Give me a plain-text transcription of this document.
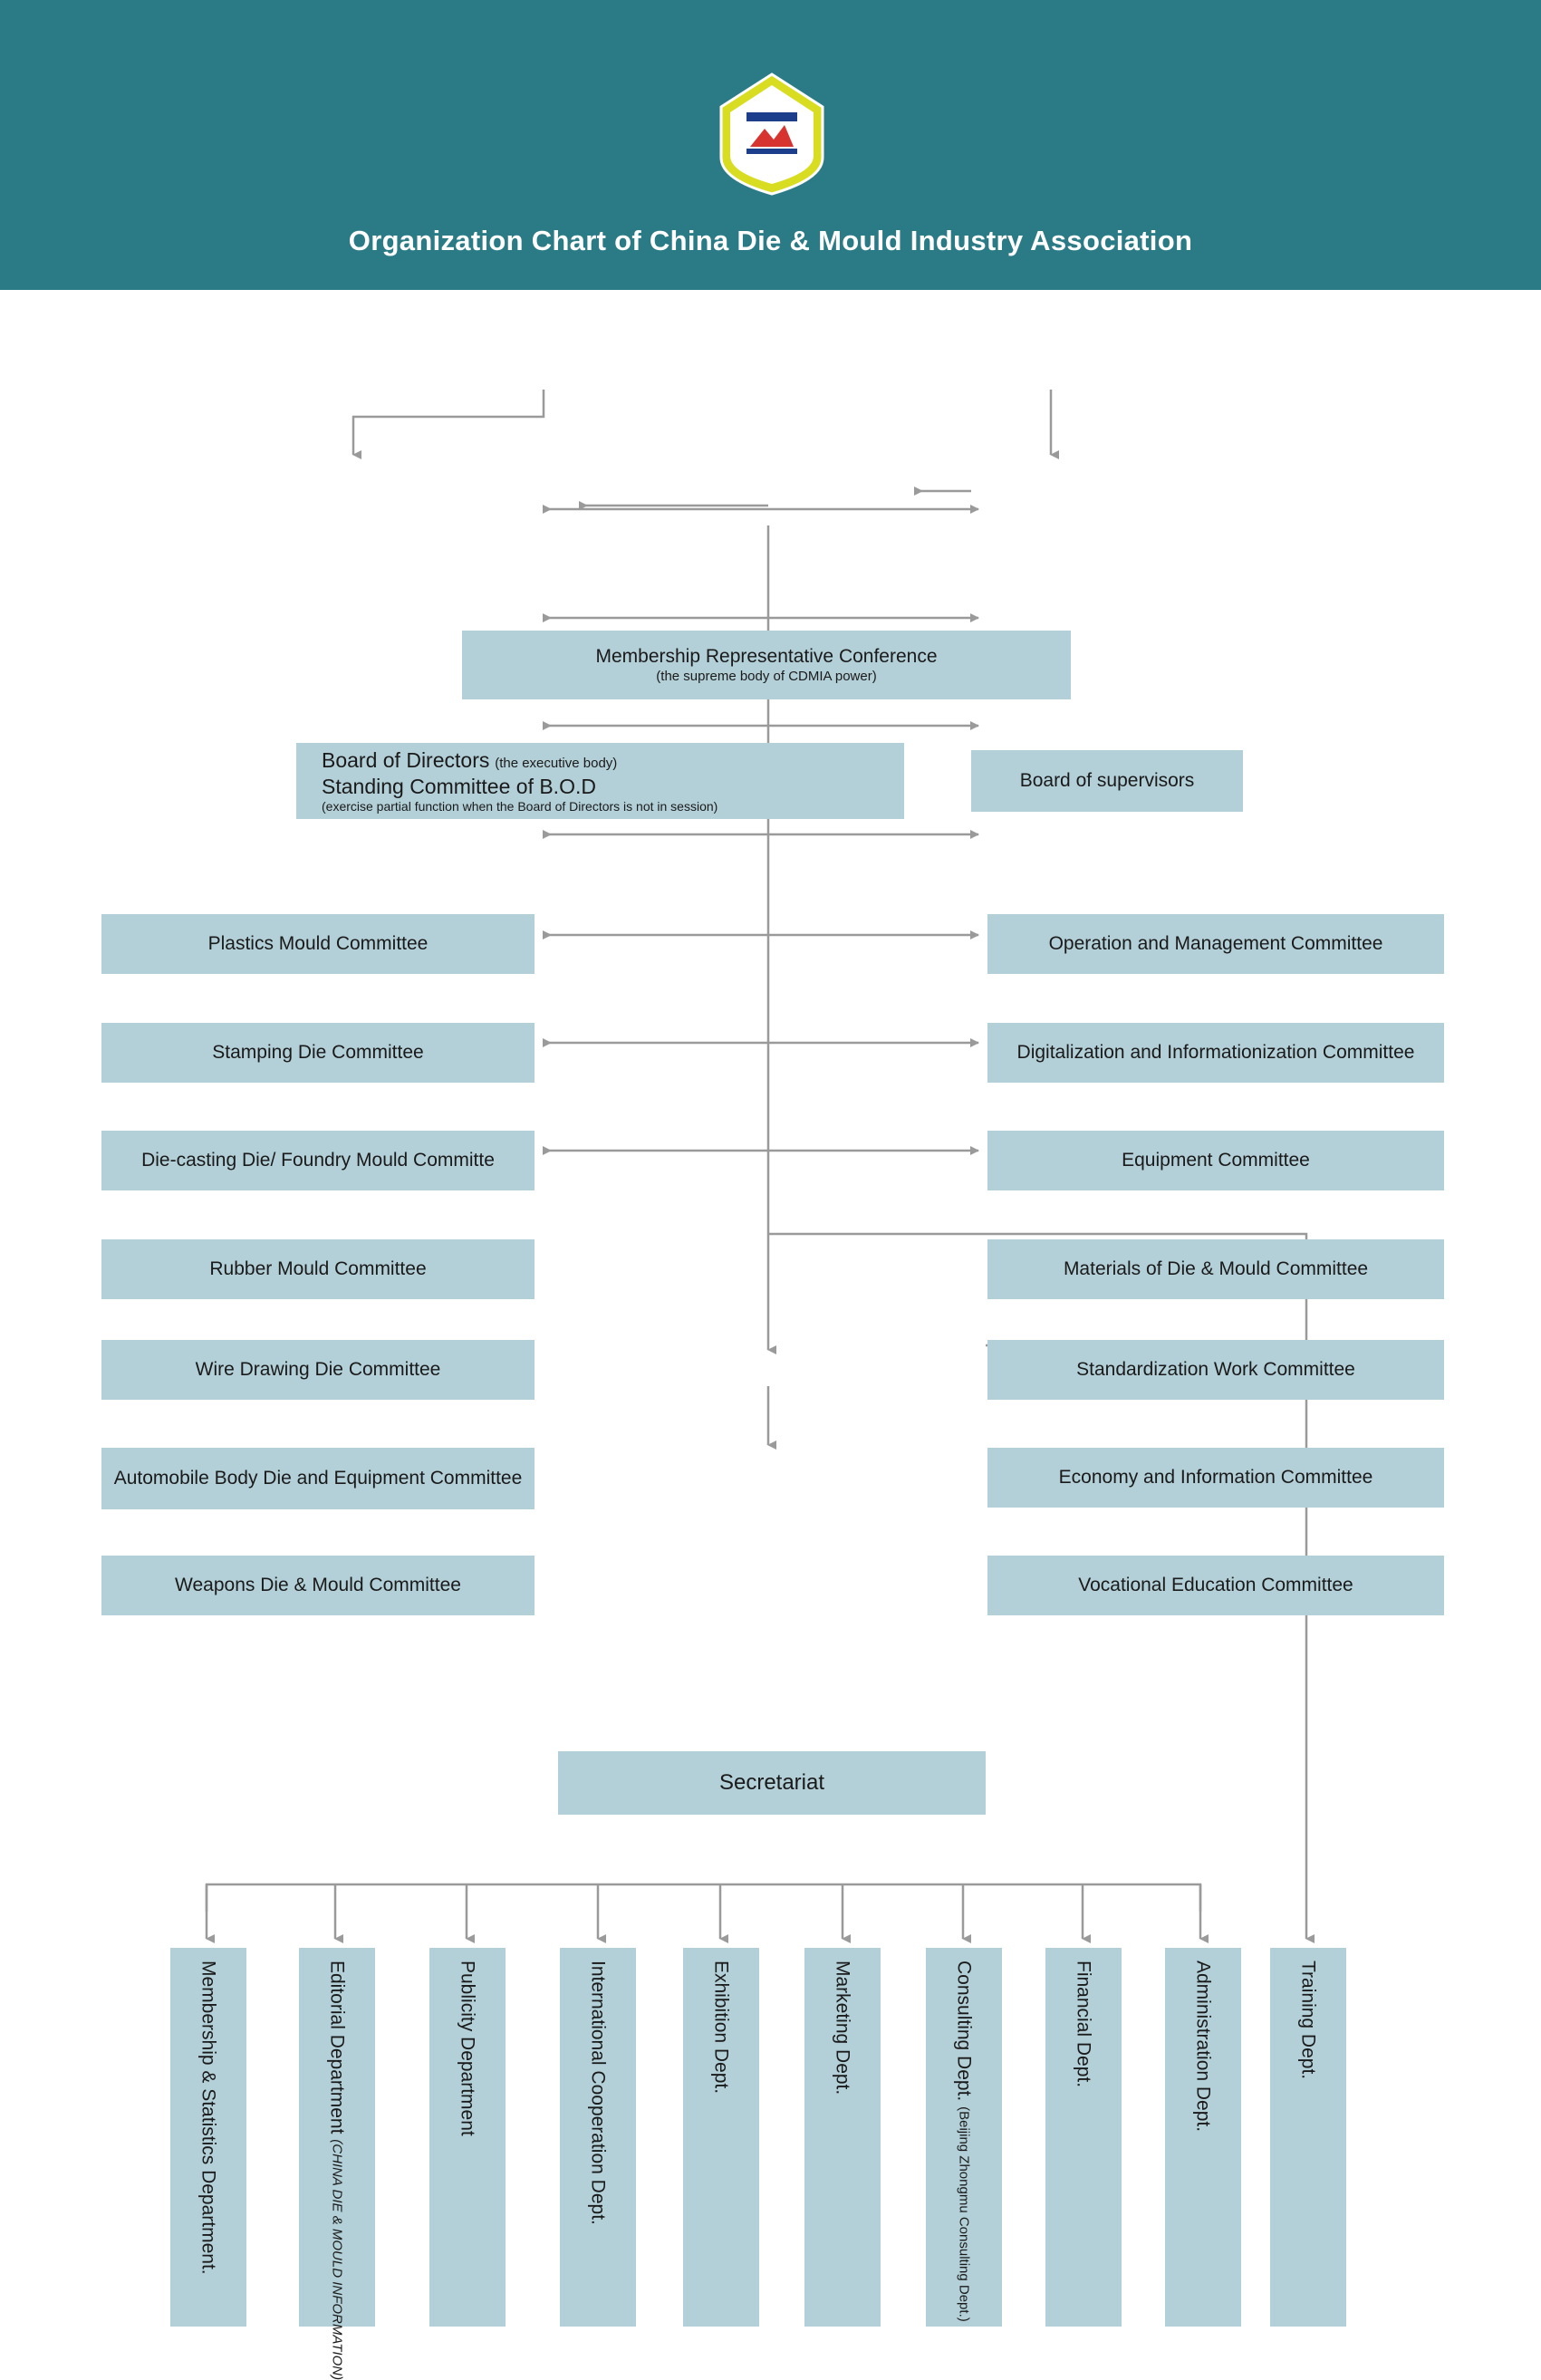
CDMIA
Organization Chart of China Die & Mould Industry Association
Membership Representative Conference
(the supreme body of CDMIA power)
Board of Directors (the executive body)
Standing Committee of B.O.D
(exercise partial function when the Board of Directors is not in session)
Board of supervisors
Plastics Mould Committee
Stamping Die Committee
Die-casting Die/ Foundry Mould Committe
Rubber Mould Committee
Wire Drawing Die Committee
Automobile Body Die and Equipment Committee
Weapons Die & Mould Committee
Operation and Management Committee
Digitalization and Informationization Committee
Equipment Committee
Materials of Die & Mould Committee
Standardization Work Committee
Economy and Information Committee
Vocational Education Committee
Secretariat
Membership & Statistics Department.	Editorial Department (CHINA DIE & MOULD INFORMATION)
Publicity Department	International Cooperation Dept.	Exhibition Dept.	Marketing Dept.	Consulting Dept. (Beijing Zhongmu Consulting Dept.)
Financial Dept.	Administration Dept.	Training Dept.
